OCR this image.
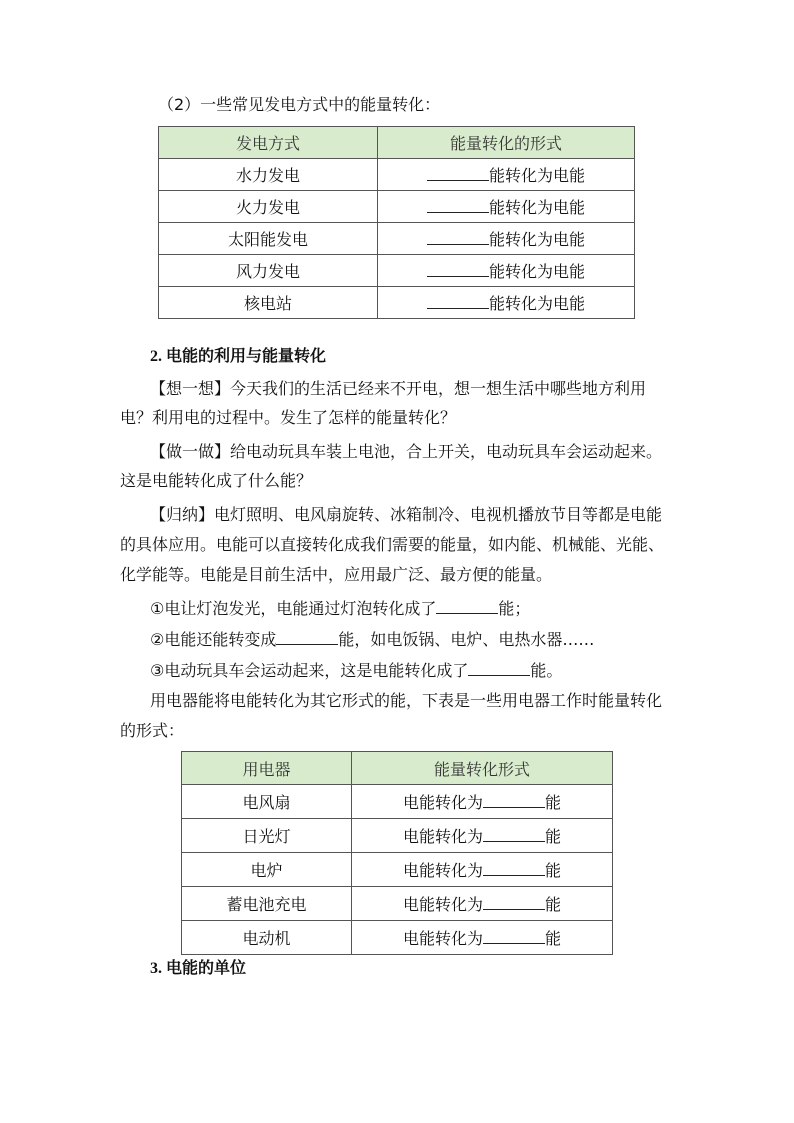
（2）一些常见发电方式中的能量转化：
发电方式	能量转化的形式
水力发电	能转化为电能
火力发电	能转化为电能
太阳能发电	能转化为电能
风力发电	能转化为电能
核电站	能转化为电能
2. 电能的利用与能量转化
【想一想】今天我们的生活已经来不开电，想一想生活中哪些地方利用
电？利用电的过程中。发生了怎样的能量转化？
【做一做】给电动玩具车装上电池，合上开关，电动玩具车会运动起来。
这是电能转化成了什么能？
【归纳】电灯照明、电风扇旋转、冰箱制冷、电视机播放节目等都是电能
的具体应用。电能可以直接转化成我们需要的能量，如内能、机械能、光能、
化学能等。电能是目前生活中，应用最广泛、最方便的能量。
①电让灯泡发光，电能通过灯泡转化成了	能；
②电能还能转变成	能，如电饭锅、电炉、电热水器……
③电动玩具车会运动起来，这是电能转化成了	能。
用电器能将电能转化为其它形式的能，下表是一些用电器工作时能量转化
的形式：
用电器	能量转化形式
电风扇	电能转化为 能
日光灯	电能转化为 能
电炉	电能转化为 能
蓄电池充电	电能转化为 能
电动机	电能转化为 能
3. 电能的单位
